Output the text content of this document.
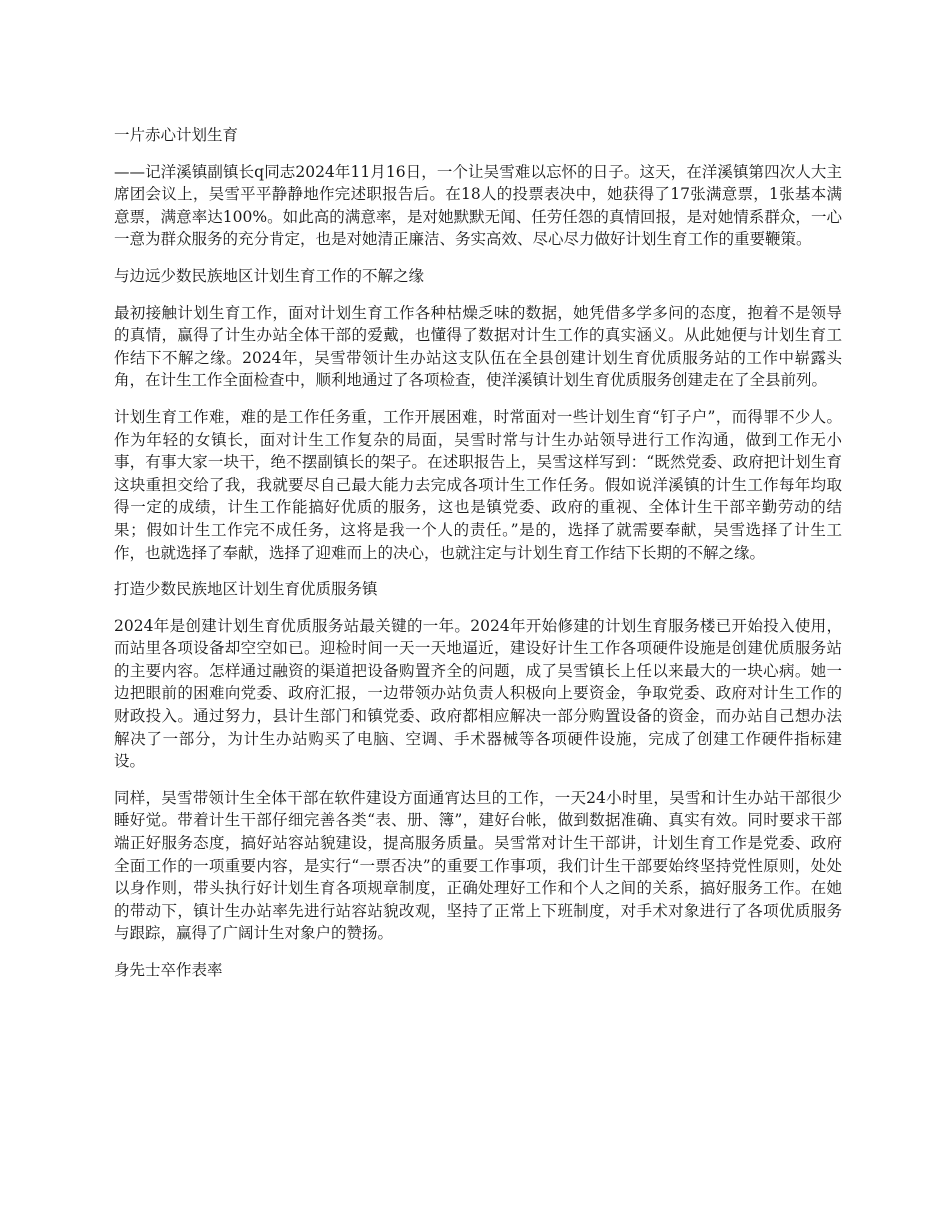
一片赤心计划生育

——记洋溪镇副镇长q同志2024年11月16日，一个让吴雪难以忘怀的日子。这天，在洋溪镇第四次人大主席团会议上，吴雪平平静静地作完述职报告后。在18人的投票表决中，她获得了17张满意票，1张基本满意票，满意率达100%。如此高的满意率，是对她默默无闻、任劳任怨的真情回报，是对她情系群众，一心一意为群众服务的充分肯定，也是对她清正廉洁、务实高效、尽心尽力做好计划生育工作的重要鞭策。

与边远少数民族地区计划生育工作的不解之缘

最初接触计划生育工作，面对计划生育工作各种枯燥乏味的数据，她凭借多学多问的态度，抱着不是领导的真情，赢得了计生办站全体干部的爱戴，也懂得了数据对计生工作的真实涵义。从此她便与计划生育工作结下不解之缘。2024年，吴雪带领计生办站这支队伍在全县创建计划生育优质服务站的工作中崭露头角，在计生工作全面检查中，顺利地通过了各项检查，使洋溪镇计划生育优质服务创建走在了全县前列。

计划生育工作难，难的是工作任务重，工作开展困难，时常面对一些计划生育“钉子户”，而得罪不少人。作为年轻的女镇长，面对计生工作复杂的局面，吴雪时常与计生办站领导进行工作沟通，做到工作无小事，有事大家一块干，绝不摆副镇长的架子。在述职报告上，吴雪这样写到：“既然党委、政府把计划生育这块重担交给了我，我就要尽自己最大能力去完成各项计生工作任务。假如说洋溪镇的计生工作每年均取得一定的成绩，计生工作能搞好优质的服务，这也是镇党委、政府的重视、全体计生干部辛勤劳动的结果；假如计生工作完不成任务，这将是我一个人的责任。”是的，选择了就需要奉献，吴雪选择了计生工作，也就选择了奉献，选择了迎难而上的决心，也就注定与计划生育工作结下长期的不解之缘。

打造少数民族地区计划生育优质服务镇

2024年是创建计划生育优质服务站最关键的一年。2024年开始修建的计划生育服务楼已开始投入使用，而站里各项设备却空空如已。迎检时间一天一天地逼近，建设好计生工作各项硬件设施是创建优质服务站的主要内容。怎样通过融资的渠道把设备购置齐全的问题，成了吴雪镇长上任以来最大的一块心病。她一边把眼前的困难向党委、政府汇报，一边带领办站负责人积极向上要资金，争取党委、政府对计生工作的财政投入。通过努力，县计生部门和镇党委、政府都相应解决一部分购置设备的资金，而办站自己想办法解决了一部分，为计生办站购买了电脑、空调、手术器械等各项硬件设施，完成了创建工作硬件指标建设。

同样，吴雪带领计生全体干部在软件建设方面通宵达旦的工作，一天24小时里，吴雪和计生办站干部很少睡好觉。带着计生干部仔细完善各类“表、册、簿”，建好台帐，做到数据准确、真实有效。同时要求干部端正好服务态度，搞好站容站貌建设，提高服务质量。吴雪常对计生干部讲，计划生育工作是党委、政府全面工作的一项重要内容，是实行“一票否决”的重要工作事项，我们计生干部要始终坚持党性原则，处处以身作则，带头执行好计划生育各项规章制度，正确处理好工作和个人之间的关系，搞好服务工作。在她的带动下，镇计生办站率先进行站容站貌改观，坚持了正常上下班制度，对手术对象进行了各项优质服务与跟踪，赢得了广阔计生对象户的赞扬。

身先士卒作表率
